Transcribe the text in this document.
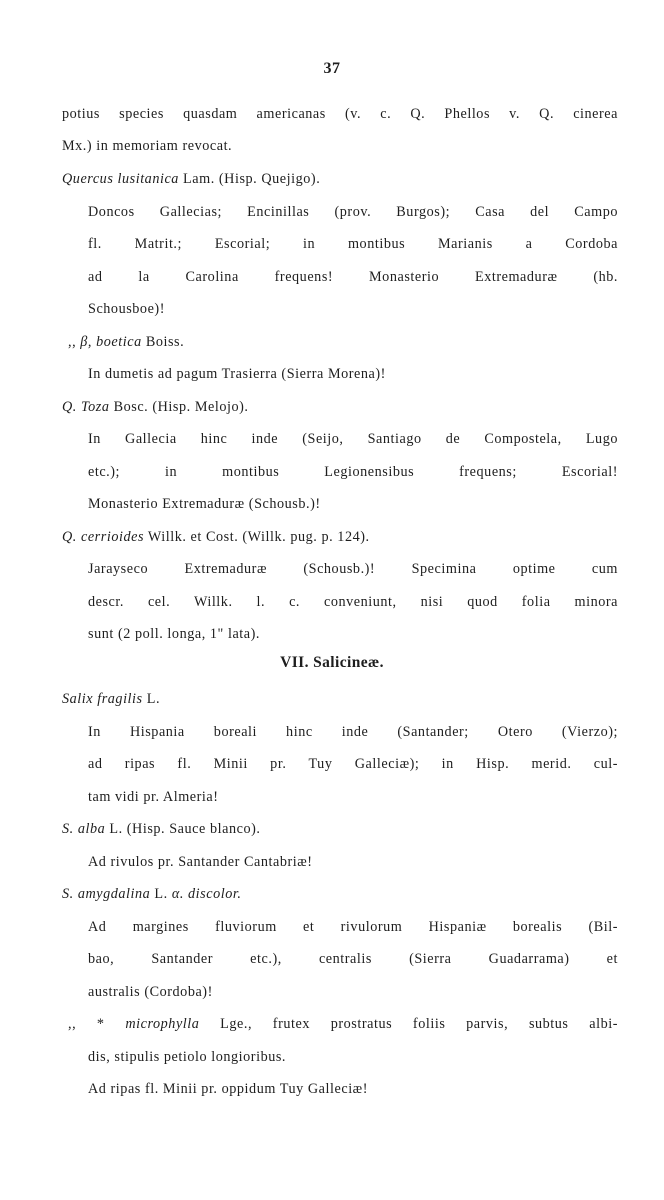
37
potius species quasdam americanas (v. c. Q. Phellos v. Q. cinerea
Mx.) in memoriam revocat.
Quercus lusitanica Lam. (Hisp. Quejigo).
Doncos Gallecias; Encinillas (prov. Burgos); Casa del Campo
fl. Matrit.; Escorial; in montibus Marianis a Cordoba
ad la Carolina frequens! Monasterio Extremaduræ (hb.
Schousboe)!
,, β, boetica Boiss.
In dumetis ad pagum Trasierra (Sierra Morena)!
Q. Toza Bosc. (Hisp. Melojo).
In Gallecia hinc inde (Seijo, Santiago de Compostela, Lugo
etc.); in montibus Legionensibus frequens; Escorial!
Monasterio Extremaduræ (Schousb.)!
Q. cerrioides Willk. et Cost. (Willk. pug. p. 124).
Jarayseco Extremaduræ (Schousb.)! Specimina optime cum
descr. cel. Willk. l. c. conveniunt, nisi quod folia minora
sunt (2 poll. longa, 1" lata).
VII. Salicineæ.
Salix fragilis L.
In Hispania boreali hinc inde (Santander; Otero (Vierzo);
ad ripas fl. Minii pr. Tuy Galleciæ); in Hisp. merid. cul-
tam vidi pr. Almeria!
S. alba L. (Hisp. Sauce blanco).
Ad rivulos pr. Santander Cantabriæ!
S. amygdalina L. α. discolor.
Ad margines fluviorum et rivulorum Hispaniæ borealis (Bil-
bao, Santander etc.), centralis (Sierra Guadarrama) et
australis (Cordoba)!
,, * microphylla Lge., frutex prostratus foliis parvis, subtus albi-
dis, stipulis petiolo longioribus.
Ad ripas fl. Minii pr. oppidum Tuy Galleciæ!
